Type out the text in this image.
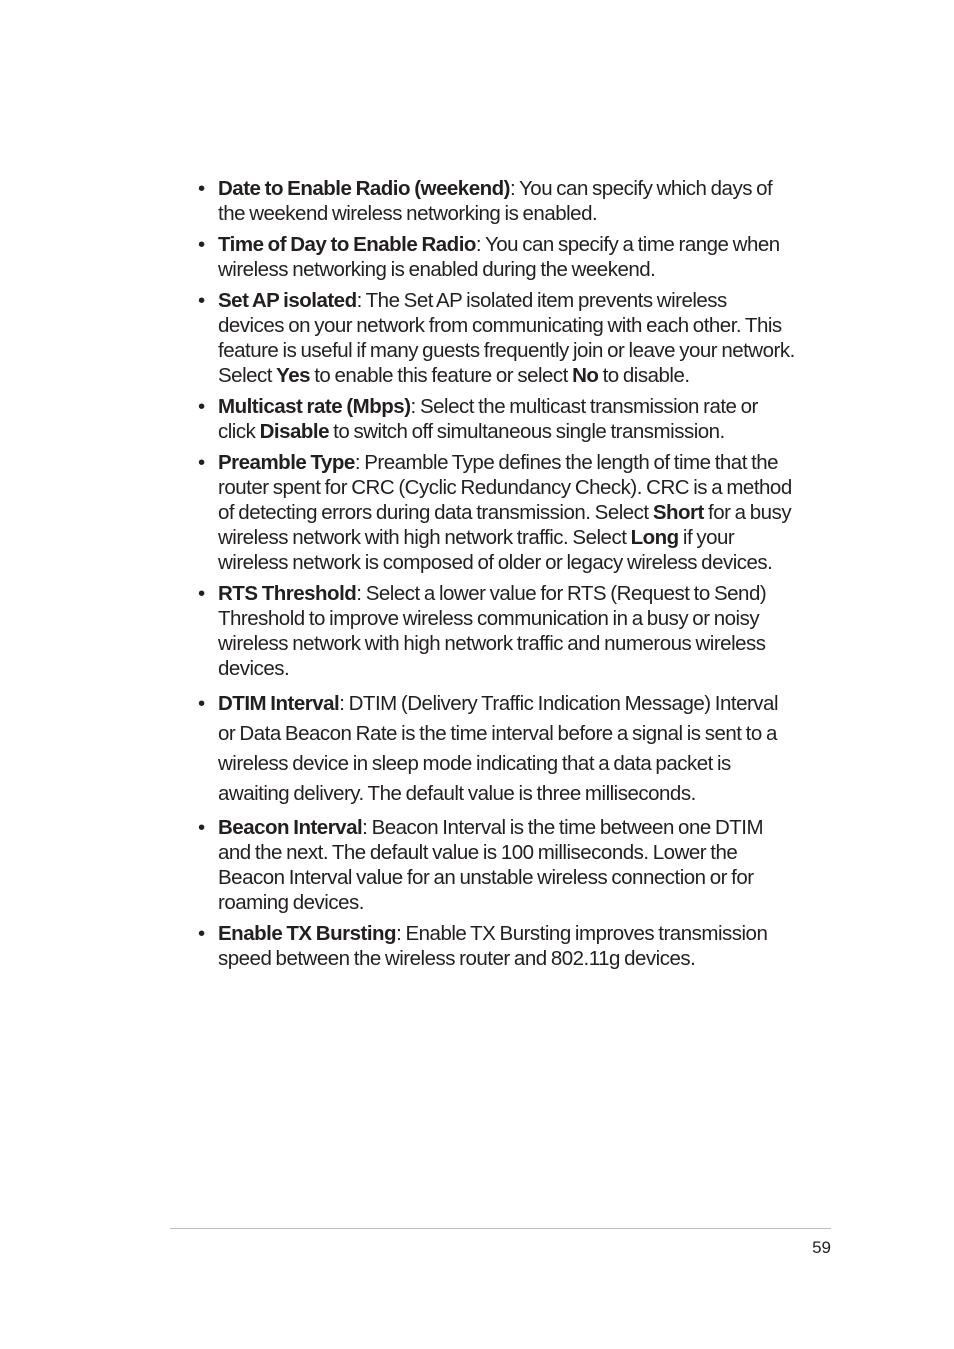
• Date to Enable Radio (weekend): You can specify which days of the weekend wireless networking is enabled.
• Time of Day to Enable Radio: You can specify a time range when wireless networking is enabled during the weekend.
• Set AP isolated: The Set AP isolated item prevents wireless devices on your network from communicating with each other. This feature is useful if many guests frequently join or leave your network. Select Yes to enable this feature or select No to disable.
• Multicast rate (Mbps): Select the multicast transmission rate or click Disable to switch off simultaneous single transmission.
• Preamble Type: Preamble Type defines the length of time that the router spent for CRC (Cyclic Redundancy Check). CRC is a method of detecting errors during data transmission. Select Short for a busy wireless network with high network traffic. Select Long if your wireless network is composed of older or legacy wireless devices.
• RTS Threshold: Select a lower value for RTS (Request to Send) Threshold to improve wireless communication in a busy or noisy wireless network with high network traffic and numerous wireless devices.
• DTIM Interval: DTIM (Delivery Traffic Indication Message) Interval or Data Beacon Rate is the time interval before a signal is sent to a wireless device in sleep mode indicating that a data packet is awaiting delivery. The default value is three milliseconds.
• Beacon Interval: Beacon Interval is the time between one DTIM and the next. The default value is 100 milliseconds. Lower the Beacon Interval value for an unstable wireless connection or for roaming devices.
• Enable TX Bursting: Enable TX Bursting improves transmission speed between the wireless router and 802.11g devices.
59
